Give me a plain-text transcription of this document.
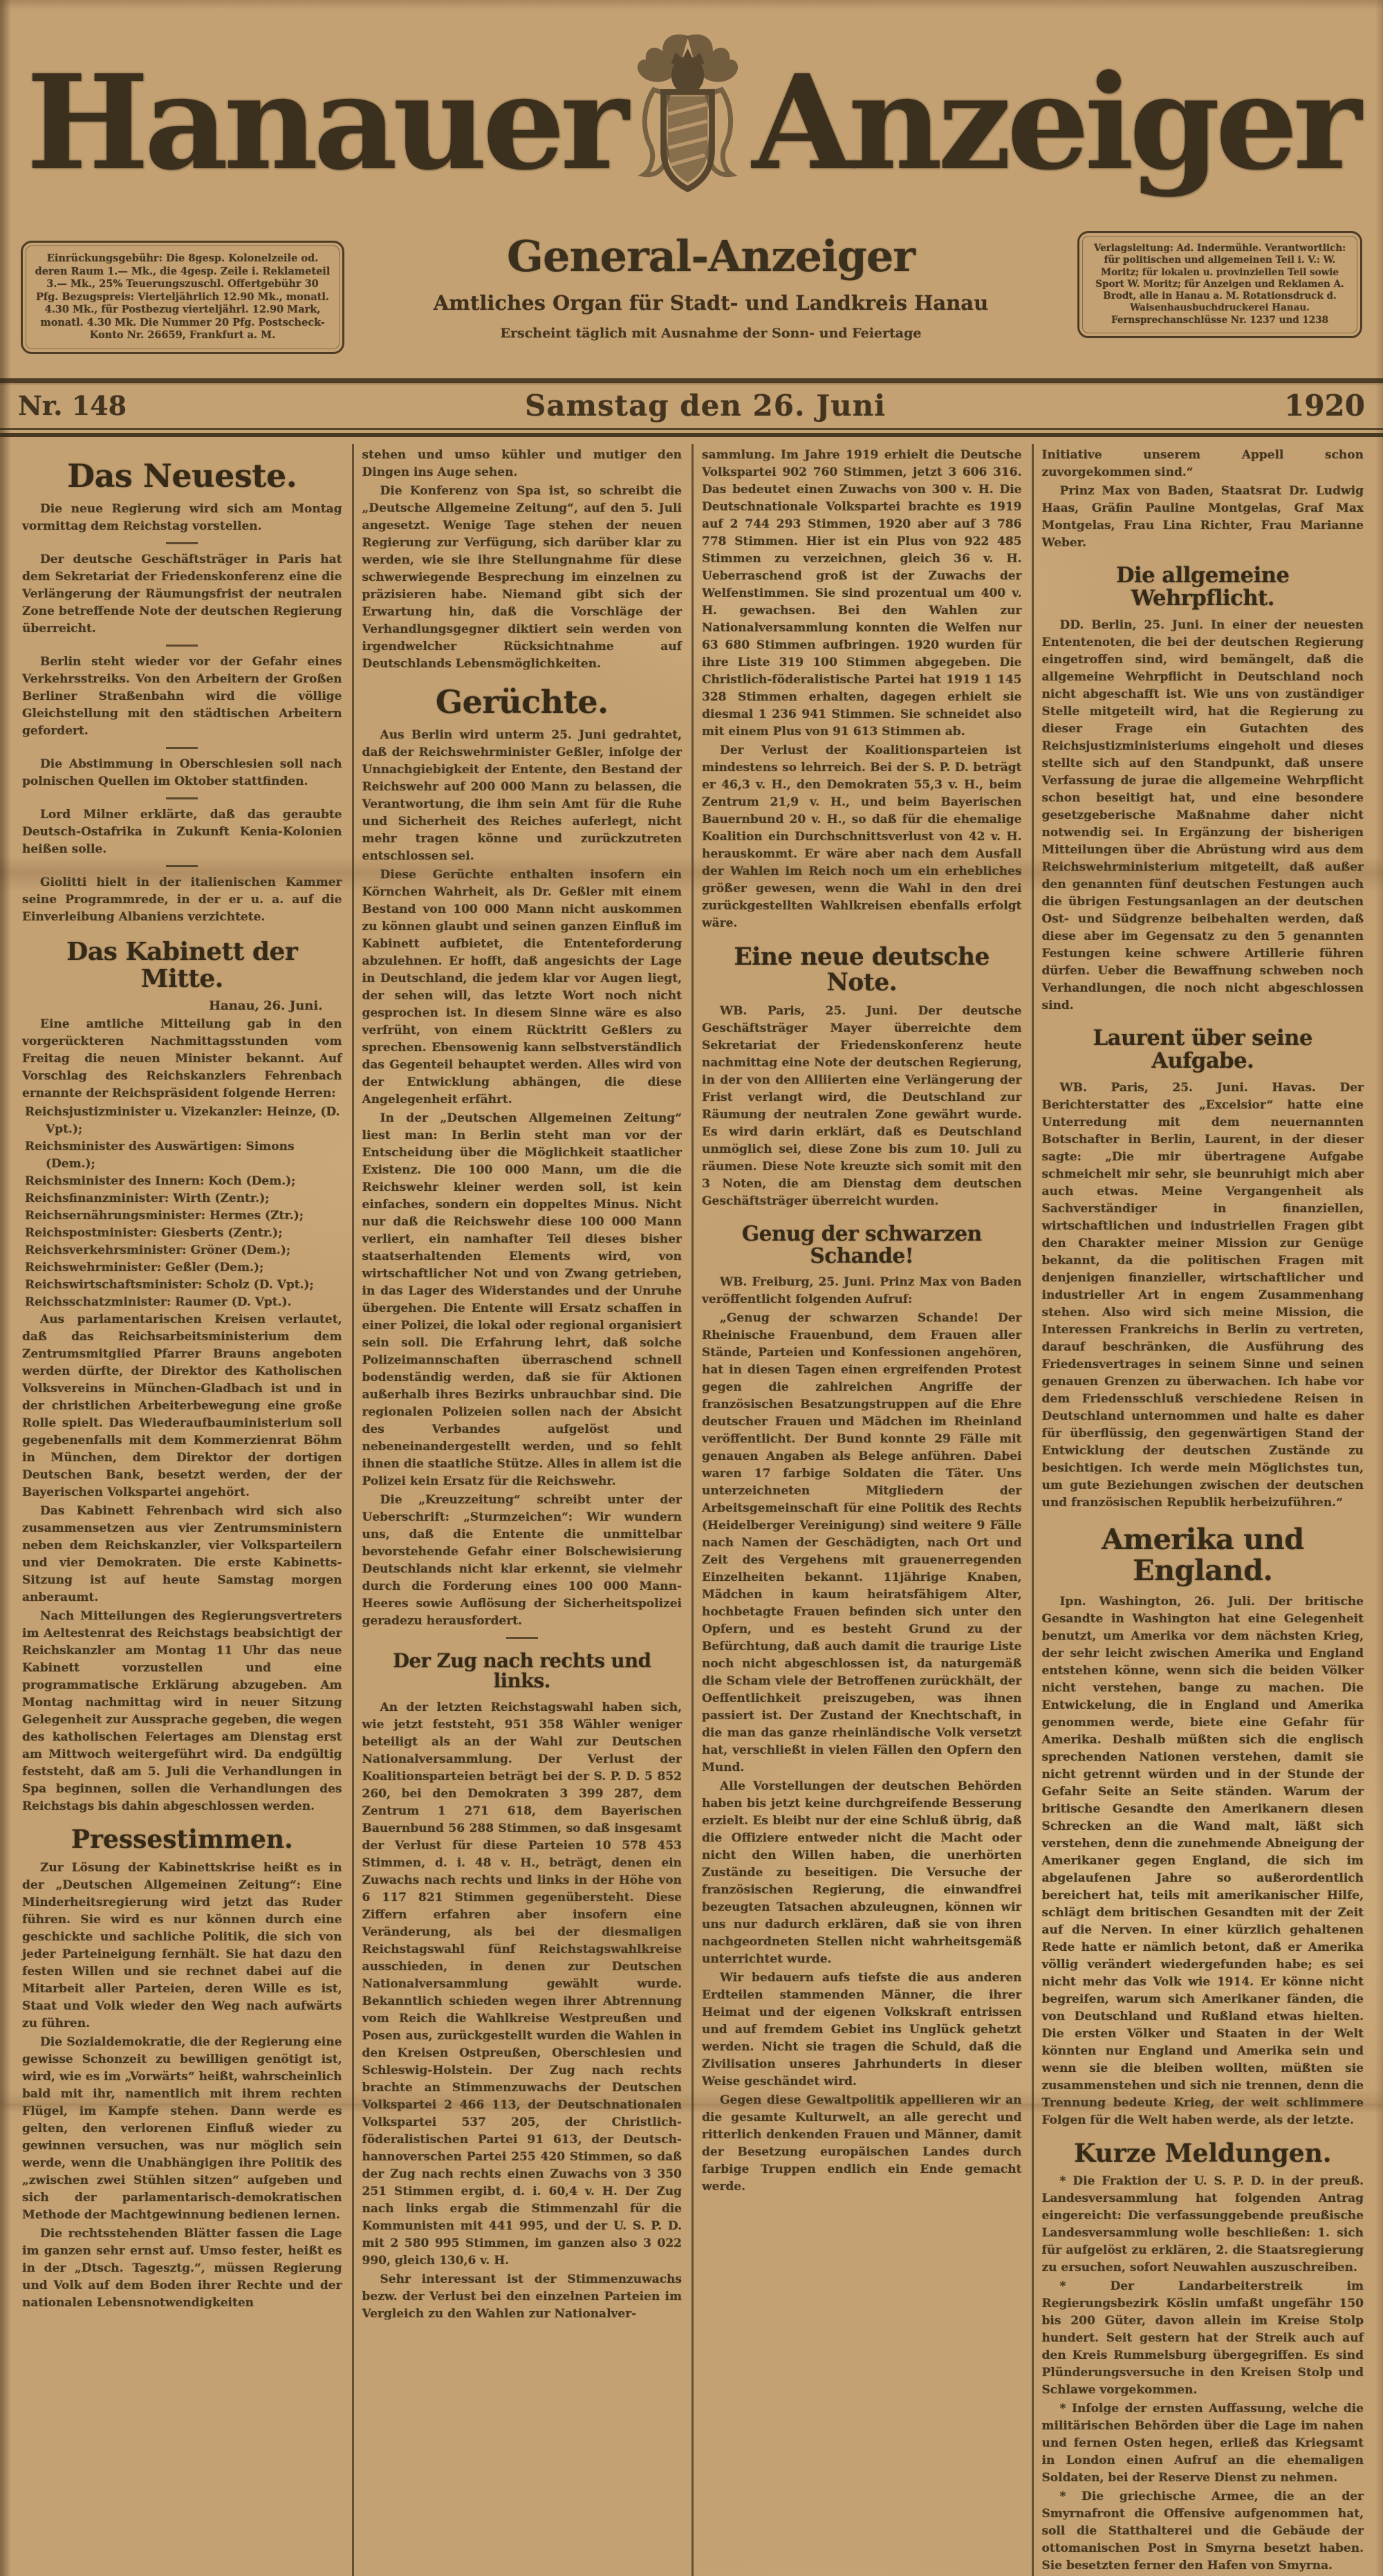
Hanauer Anzeiger
Einrückungsgebühr: Die 8gesp. Kolonelzeile od. deren Raum 1.— Mk., die 4gesp. Zeile i. Reklameteil 3.— Mk., 25% Teuerungszuschl. Offertgebühr 30 Pfg. Bezugspreis: Vierteljährlich 12.90 Mk., monatl. 4.30 Mk., für Postbezug vierteljährl. 12.90 Mark, monatl. 4.30 Mk. Die Nummer 20 Pfg. Postscheck-Konto Nr. 26659, Frankfurt a. M.
General-Anzeiger
Amtliches Organ für Stadt- und Landkreis Hanau
Erscheint täglich mit Ausnahme der Sonn- und Feiertage
Verlagsleitung: Ad. Indermühle. Verantwortlich: für politischen und allgemeinen Teil i. V.: W. Moritz; für lokalen u. provinziellen Teil sowie Sport W. Moritz; für Anzeigen und Reklamen A. Brodt, alle in Hanau a. M. Rotationsdruck d. Waisenhausbuchdruckerei Hanau. Fernsprechanschlüsse Nr. 1237 und 1238
Nr. 148	Samstag den 26. Juni	1920
Das Neueste.
Die neue Regierung wird sich am Montag vormittag dem Reichstag vorstellen.
Der deutsche Geschäftsträger in Paris hat dem Sekretariat der Friedenskonferenz eine die Verlängerung der Räumungsfrist der neutralen Zone betreffende Note der deutschen Regierung überreicht.
Berlin steht wieder vor der Gefahr eines Verkehrsstreiks. Von den Arbeitern der Großen Berliner Straßenbahn wird die völlige Gleichstellung mit den städtischen Arbeitern gefordert.
Die Abstimmung in Oberschlesien soll nach polnischen Quellen im Oktober stattfinden.
Lord Milner erklärte, daß das geraubte Deutsch-Ostafrika in Zukunft Kenia-Kolonien heißen solle.
Giolitti hielt in der italienischen Kammer seine Programmrede, in der er u. a. auf die Einverleibung Albaniens verzichtete.
Das Kabinett der Mitte.
Hanau, 26. Juni.
Eine amtliche Mitteilung gab in den vorgerückteren Nachmittagsstunden vom Freitag die neuen Minister bekannt. Auf Vorschlag des Reichskanzlers Fehrenbach ernannte der Reichspräsident folgende Herren:
Reichsjustizminister u. Vizekanzler: Heinze, (D. Vpt.);
Reichsminister des Auswärtigen: Simons (Dem.);
Reichsminister des Innern: Koch (Dem.);
Reichsfinanzminister: Wirth (Zentr.);
Reichsernährungsminister: Hermes (Ztr.);
Reichspostminister: Giesberts (Zentr.);
Reichsverkehrsminister: Gröner (Dem.);
Reichswehrminister: Geßler (Dem.);
Reichswirtschaftsminister: Scholz (D. Vpt.);
Reichsschatzminister: Raumer (D. Vpt.).
Aus parlamentarischen Kreisen verlautet, daß das Reichsarbeitsministerium dem Zentrumsmitglied Pfarrer Brauns angeboten werden dürfte, der Direktor des Katholischen Volksvereins in München-Gladbach ist und in der christlichen Arbeiterbewegung eine große Rolle spielt. Das Wiederaufbauministerium soll gegebenenfalls mit dem Kommerzienrat Böhm in München, dem Direktor der dortigen Deutschen Bank, besetzt werden, der der Bayerischen Volkspartei angehört.
Das Kabinett Fehrenbach wird sich also zusammensetzen aus vier Zentrumsministern neben dem Reichskanzler, vier Volksparteilern und vier Demokraten. Die erste Kabinetts-Sitzung ist auf heute Samstag morgen anberaumt.
Nach Mitteilungen des Regierungsvertreters im Aeltestenrat des Reichstags beabsichtigt der Reichskanzler am Montag 11 Uhr das neue Kabinett vorzustellen und eine programmatische Erklärung abzugeben. Am Montag nachmittag wird in neuer Sitzung Gelegenheit zur Aussprache gegeben, die wegen des katholischen Feiertages am Dienstag erst am Mittwoch weitergeführt wird. Da endgültig feststeht, daß am 5. Juli die Verhandlungen in Spa beginnen, sollen die Verhandlungen des Reichstags bis dahin abgeschlossen werden.
Pressestimmen.
Zur Lösung der Kabinettskrise heißt es in der „Deutschen Allgemeinen Zeitung“: Eine Minderheitsregierung wird jetzt das Ruder führen. Sie wird es nur können durch eine geschickte und sachliche Politik, die sich von jeder Parteineigung fernhält. Sie hat dazu den festen Willen und sie rechnet dabei auf die Mitarbeit aller Parteien, deren Wille es ist, Staat und Volk wieder den Weg nach aufwärts zu führen.
Die Sozialdemokratie, die der Regierung eine gewisse Schonzeit zu bewilligen genötigt ist, wird, wie es im „Vorwärts“ heißt, wahrscheinlich bald mit ihr, namentlich mit ihrem rechten Flügel, im Kampfe stehen. Dann werde es gelten, den verlorenen Einfluß wieder zu gewinnen versuchen, was nur möglich sein werde, wenn die Unabhängigen ihre Politik des „zwischen zwei Stühlen sitzen“ aufgeben und sich der parlamentarisch-demokratischen Methode der Machtgewinnung bedienen lernen.
Die rechtsstehenden Blätter fassen die Lage im ganzen sehr ernst auf. Umso fester, heißt es in der „Dtsch. Tagesztg.“, müssen Regierung und Volk auf dem Boden ihrer Rechte und der nationalen Lebensnotwendigkeiten
stehen und umso kühler und mutiger den Dingen ins Auge sehen.
Die Konferenz von Spa ist, so schreibt die „Deutsche Allgemeine Zeitung“, auf den 5. Juli angesetzt. Wenige Tage stehen der neuen Regierung zur Verfügung, sich darüber klar zu werden, wie sie ihre Stellungnahme für diese schwerwiegende Besprechung im einzelnen zu präzisieren habe. Niemand gibt sich der Erwartung hin, daß die Vorschläge der Verhandlungsgegner diktiert sein werden von irgendwelcher Rücksichtnahme auf Deutschlands Lebensmöglichkeiten.
Gerüchte.
Aus Berlin wird unterm 25. Juni gedrahtet, daß der Reichswehrminister Geßler, infolge der Unnachgiebigkeit der Entente, den Bestand der Reichswehr auf 200 000 Mann zu belassen, die Verantwortung, die ihm sein Amt für die Ruhe und Sicherheit des Reiches auferlegt, nicht mehr tragen könne und zurückzutreten entschlossen sei.
Diese Gerüchte enthalten insofern ein Körnchen Wahrheit, als Dr. Geßler mit einem Bestand von 100 000 Mann nicht auskommen zu können glaubt und seinen ganzen Einfluß im Kabinett aufbietet, die Ententeforderung abzulehnen. Er hofft, daß angesichts der Lage in Deutschland, die jedem klar vor Augen liegt, der sehen will, das letzte Wort noch nicht gesprochen ist. In diesem Sinne wäre es also verfrüht, von einem Rücktritt Geßlers zu sprechen. Ebensowenig kann selbstverständlich das Gegenteil behauptet werden. Alles wird von der Entwicklung abhängen, die diese Angelegenheit erfährt.
In der „Deutschen Allgemeinen Zeitung“ liest man: In Berlin steht man vor der Entscheidung über die Möglichkeit staatlicher Existenz. Die 100 000 Mann, um die die Reichswehr kleiner werden soll, ist kein einfaches, sondern ein doppeltes Minus. Nicht nur daß die Reichswehr diese 100 000 Mann verliert, ein namhafter Teil dieses bisher staatserhaltenden Elements wird, von wirtschaftlicher Not und von Zwang getrieben, in das Lager des Widerstandes und der Unruhe übergehen. Die Entente will Ersatz schaffen in einer Polizei, die lokal oder regional organisiert sein soll. Die Erfahrung lehrt, daß solche Polizeimannschaften überraschend schnell bodenständig werden, daß sie für Aktionen außerhalb ihres Bezirks unbrauchbar sind. Die regionalen Polizeien sollen nach der Absicht des Verbandes aufgelöst und nebeneinandergestellt werden, und so fehlt ihnen die staatliche Stütze. Alles in allem ist die Polizei kein Ersatz für die Reichswehr.
Die „Kreuzzeitung“ schreibt unter der Ueberschrift: „Sturmzeichen“: Wir wundern uns, daß die Entente die unmittelbar bevorstehende Gefahr einer Bolschewisierung Deutschlands nicht klar erkennt, sie vielmehr durch die Forderung eines 100 000 Mann-Heeres sowie Auflösung der Sicherheitspolizei geradezu herausfordert.
Der Zug nach rechts und links.
An der letzten Reichstagswahl haben sich, wie jetzt feststeht, 951 358 Wähler weniger beteiligt als an der Wahl zur Deutschen Nationalversammlung. Der Verlust der Koalitionsparteien beträgt bei der S. P. D. 5 852 260, bei den Demokraten 3 399 287, dem Zentrum 1 271 618, dem Bayerischen Bauernbund 56 288 Stimmen, so daß insgesamt der Verlust für diese Parteien 10 578 453 Stimmen, d. i. 48 v. H., beträgt, denen ein Zuwachs nach rechts und links in der Höhe von 6 117 821 Stimmen gegenübersteht. Diese Ziffern erfahren aber insofern eine Veränderung, als bei der diesmaligen Reichstagswahl fünf Reichstagswahlkreise ausschieden, in denen zur Deutschen Nationalversammlung gewählt wurde. Bekanntlich schieden wegen ihrer Abtrennung vom Reich die Wahlkreise Westpreußen und Posen aus, zurückgestellt wurden die Wahlen in den Kreisen Ostpreußen, Oberschlesien und Schleswig-Holstein. Der Zug nach rechts brachte an Stimmenzuwachs der Deutschen Volkspartei 2 466 113, der Deutschnationalen Volkspartei 537 205, der Christlich-föderalistischen Partei 91 613, der Deutsch-hannoverschen Partei 255 420 Stimmen, so daß der Zug nach rechts einen Zuwachs von 3 350 251 Stimmen ergibt, d. i. 60,4 v. H. Der Zug nach links ergab die Stimmenzahl für die Kommunisten mit 441 995, und der U. S. P. D. mit 2 580 995 Stimmen, im ganzen also 3 022 990, gleich 130,6 v. H.
Sehr interessant ist der Stimmenzuwachs bezw. der Verlust bei den einzelnen Parteien im Vergleich zu den Wahlen zur Nationalver-
sammlung. Im Jahre 1919 erhielt die Deutsche Volkspartei 902 760 Stimmen, jetzt 3 606 316. Das bedeutet einen Zuwachs von 300 v. H. Die Deutschnationale Volkspartei brachte es 1919 auf 2 744 293 Stimmen, 1920 aber auf 3 786 778 Stimmen. Hier ist ein Plus von 922 485 Stimmen zu verzeichnen, gleich 36 v. H. Ueberraschend groß ist der Zuwachs der Welfenstimmen. Sie sind prozentual um 400 v. H. gewachsen. Bei den Wahlen zur Nationalversammlung konnten die Welfen nur 63 680 Stimmen aufbringen. 1920 wurden für ihre Liste 319 100 Stimmen abgegeben. Die Christlich-föderalistische Partei hat 1919 1 145 328 Stimmen erhalten, dagegen erhielt sie diesmal 1 236 941 Stimmen. Sie schneidet also mit einem Plus von 91 613 Stimmen ab.
Der Verlust der Koalitionsparteien ist mindestens so lehrreich. Bei der S. P. D. beträgt er 46,3 v. H., den Demokraten 55,3 v. H., beim Zentrum 21,9 v. H., und beim Bayerischen Bauernbund 20 v. H., so daß für die ehemalige Koalition ein Durchschnittsverlust von 42 v. H. herauskommt. Er wäre aber nach dem Ausfall der Wahlen im Reich noch um ein erhebliches größer gewesen, wenn die Wahl in den drei zurückgestellten Wahlkreisen ebenfalls erfolgt wäre.
Eine neue deutsche Note.
WB. Paris, 25. Juni. Der deutsche Geschäftsträger Mayer überreichte dem Sekretariat der Friedenskonferenz heute nachmittag eine Note der deutschen Regierung, in der von den Alliierten eine Verlängerung der Frist verlangt wird, die Deutschland zur Räumung der neutralen Zone gewährt wurde. Es wird darin erklärt, daß es Deutschland unmöglich sei, diese Zone bis zum 10. Juli zu räumen. Diese Note kreuzte sich somit mit den 3 Noten, die am Dienstag dem deutschen Geschäftsträger überreicht wurden.
Genug der schwarzen Schande!
WB. Freiburg, 25. Juni. Prinz Max von Baden veröffentlicht folgenden Aufruf:
„Genug der schwarzen Schande! Der Rheinische Frauenbund, dem Frauen aller Stände, Parteien und Konfessionen angehören, hat in diesen Tagen einen ergreifenden Protest gegen die zahlreichen Angriffe der französischen Besatzungstruppen auf die Ehre deutscher Frauen und Mädchen im Rheinland veröffentlicht. Der Bund konnte 29 Fälle mit genauen Angaben als Belege anführen. Dabei waren 17 farbige Soldaten die Täter. Uns unterzeichneten Mitgliedern der Arbeitsgemeinschaft für eine Politik des Rechts (Heidelberger Vereinigung) sind weitere 9 Fälle nach Namen der Geschädigten, nach Ort und Zeit des Vergehens mit grauenerregenden Einzelheiten bekannt. 11jährige Knaben, Mädchen in kaum heiratsfähigem Alter, hochbetagte Frauen befinden sich unter den Opfern, und es besteht Grund zu der Befürchtung, daß auch damit die traurige Liste noch nicht abgeschlossen ist, da naturgemäß die Scham viele der Betroffenen zurückhält, der Oeffentlichkeit preiszugeben, was ihnen passiert ist. Der Zustand der Knechtschaft, in die man das ganze rheinländische Volk versetzt hat, verschließt in vielen Fällen den Opfern den Mund.
Alle Vorstellungen der deutschen Behörden haben bis jetzt keine durchgreifende Besserung erzielt. Es bleibt nur der eine Schluß übrig, daß die Offiziere entweder nicht die Macht oder nicht den Willen haben, die unerhörten Zustände zu beseitigen. Die Versuche der französischen Regierung, die einwandfrei bezeugten Tatsachen abzuleugnen, können wir uns nur dadurch erklären, daß sie von ihren nachgeordneten Stellen nicht wahrheitsgemäß unterrichtet wurde.
Wir bedauern aufs tiefste die aus anderen Erdteilen stammenden Männer, die ihrer Heimat und der eigenen Volkskraft entrissen und auf fremdem Gebiet ins Unglück gehetzt werden. Nicht sie tragen die Schuld, daß die Zivilisation unseres Jahrhunderts in dieser Weise geschändet wird.
Gegen diese Gewaltpolitik appellieren wir an die gesamte Kulturwelt, an alle gerecht und ritterlich denkenden Frauen und Männer, damit der Besetzung europäischen Landes durch farbige Truppen endlich ein Ende gemacht werde.
Initiative unserem Appell schon zuvorgekommen sind.“
Prinz Max von Baden, Staatsrat Dr. Ludwig Haas, Gräfin Pauline Montgelas, Graf Max Montgelas, Frau Lina Richter, Frau Marianne Weber.
Die allgemeine Wehrpflicht.
DD. Berlin, 25. Juni. In einer der neuesten Ententenoten, die bei der deutschen Regierung eingetroffen sind, wird bemängelt, daß die allgemeine Wehrpflicht in Deutschland noch nicht abgeschafft ist. Wie uns von zuständiger Stelle mitgeteilt wird, hat die Regierung zu dieser Frage ein Gutachten des Reichsjustizministeriums eingeholt und dieses stellte sich auf den Standpunkt, daß unsere Verfassung de jurae die allgemeine Wehrpflicht schon beseitigt hat, und eine besondere gesetzgeberische Maßnahme daher nicht notwendig sei. In Ergänzung der bisherigen Mitteilungen über die Abrüstung wird aus dem Reichswehrministerium mitgeteilt, daß außer den genannten fünf deutschen Festungen auch die übrigen Festungsanlagen an der deutschen Ost- und Südgrenze beibehalten werden, daß diese aber im Gegensatz zu den 5 genannten Festungen keine schwere Artillerie führen dürfen. Ueber die Bewaffnung schweben noch Verhandlungen, die noch nicht abgeschlossen sind.
Laurent über seine Aufgabe.
WB. Paris, 25. Juni. Havas. Der Berichterstatter des „Excelsior“ hatte eine Unterredung mit dem neuernannten Botschafter in Berlin, Laurent, in der dieser sagte: „Die mir übertragene Aufgabe schmeichelt mir sehr, sie beunruhigt mich aber auch etwas. Meine Vergangenheit als Sachverständiger in finanziellen, wirtschaftlichen und industriellen Fragen gibt den Charakter meiner Mission zur Genüge bekannt, da die politischen Fragen mit denjenigen finanzieller, wirtschaftlicher und industrieller Art in engem Zusammenhang stehen. Also wird sich meine Mission, die Interessen Frankreichs in Berlin zu vertreten, darauf beschränken, die Ausführung des Friedensvertrages in seinem Sinne und seinen genauen Grenzen zu überwachen. Ich habe vor dem Friedensschluß verschiedene Reisen in Deutschland unternommen und halte es daher für überflüssig, den gegenwärtigen Stand der Entwicklung der deutschen Zustände zu besichtigen. Ich werde mein Möglichstes tun, um gute Beziehungen zwischen der deutschen und französischen Republik herbeizuführen.“
Amerika und England.
Ipn. Washington, 26. Juli. Der britische Gesandte in Washington hat eine Gelegenheit benutzt, um Amerika vor dem nächsten Krieg, der sehr leicht zwischen Amerika und England entstehen könne, wenn sich die beiden Völker nicht verstehen, bange zu machen. Die Entwickelung, die in England und Amerika genommen werde, biete eine Gefahr für Amerika. Deshalb müßten sich die englisch sprechenden Nationen verstehen, damit sie nicht getrennt würden und in der Stunde der Gefahr Seite an Seite ständen. Warum der britische Gesandte den Amerikanern diesen Schrecken an die Wand malt, läßt sich verstehen, denn die zunehmende Abneigung der Amerikaner gegen England, die sich im abgelaufenen Jahre so außerordentlich bereichert hat, teils mit amerikanischer Hilfe, schlägt dem britischen Gesandten mit der Zeit auf die Nerven. In einer kürzlich gehaltenen Rede hatte er nämlich betont, daß er Amerika völlig verändert wiedergefunden habe; es sei nicht mehr das Volk wie 1914. Er könne nicht begreifen, warum sich Amerikaner fänden, die von Deutschland und Rußland etwas hielten. Die ersten Völker und Staaten in der Welt könnten nur England und Amerika sein und wenn sie die bleiben wollten, müßten sie zusammenstehen und sich nie trennen, denn die Trennung bedeute Krieg, der weit schlimmere Folgen für die Welt haben werde, als der letzte.
Kurze Meldungen.
* Die Fraktion der U. S. P. D. in der preuß. Landesversammlung hat folgenden Antrag eingereicht: Die verfassunggebende preußische Landesversammlung wolle beschließen: 1. sich für aufgelöst zu erklären, 2. die Staatsregierung zu ersuchen, sofort Neuwahlen auszuschreiben.
* Der Landarbeiterstreik im Regierungsbezirk Köslin umfaßt ungefähr 150 bis 200 Güter, davon allein im Kreise Stolp hundert. Seit gestern hat der Streik auch auf den Kreis Rummelsburg übergegriffen. Es sind Plünderungsversuche in den Kreisen Stolp und Schlawe vorgekommen.
* Infolge der ernsten Auffassung, welche die militärischen Behörden über die Lage im nahen und fernen Osten hegen, erließ das Kriegsamt in London einen Aufruf an die ehemaligen Soldaten, bei der Reserve Dienst zu nehmen.
* Die griechische Armee, die an der Smyrnafront die Offensive aufgenommen hat, soll die Statthalterei und die Gebäude der ottomanischen Post in Smyrna besetzt haben. Sie besetzten ferner den Hafen von Smyrna.
